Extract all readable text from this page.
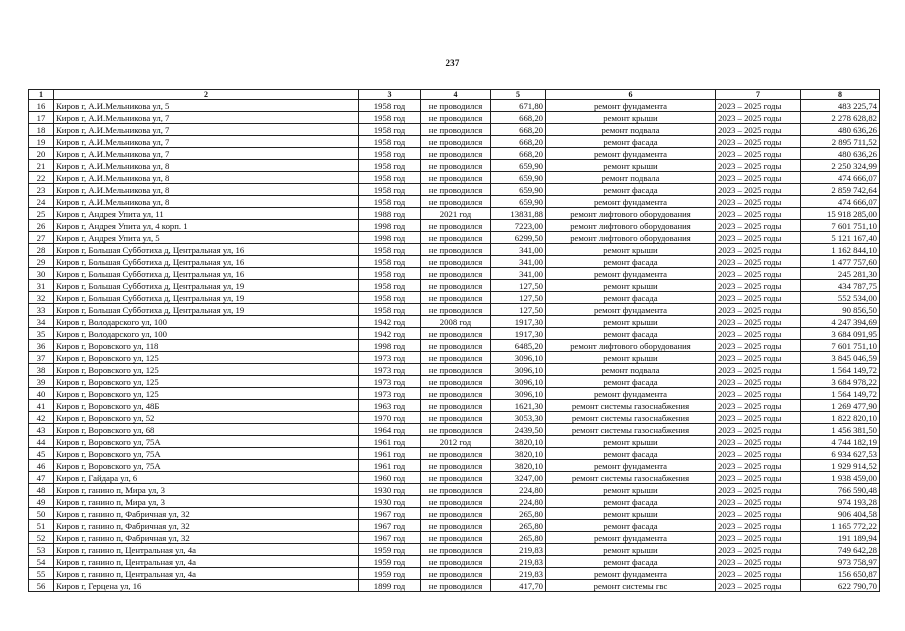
237
1	2	3	4	5	6	7	8
16	Киров г, А.И.Мельникова ул, 5	1958 год	не проводился	671,80	ремонт фундамента	2023 – 2025 годы	483 225,74
17	Киров г, А.И.Мельникова ул, 7	1958 год	не проводился	668,20	ремонт крыши	2023 – 2025 годы	2 278 628,82
18	Киров г, А.И.Мельникова ул, 7	1958 год	не проводился	668,20	ремонт подвала	2023 – 2025 годы	480 636,26
19	Киров г, А.И.Мельникова ул, 7	1958 год	не проводился	668,20	ремонт фасада	2023 – 2025 годы	2 895 711,52
20	Киров г, А.И.Мельникова ул, 7	1958 год	не проводился	668,20	ремонт фундамента	2023 – 2025 годы	480 636,26
21	Киров г, А.И.Мельникова ул, 8	1958 год	не проводился	659,90	ремонт крыши	2023 – 2025 годы	2 250 324,99
22	Киров г, А.И.Мельникова ул, 8	1958 год	не проводился	659,90	ремонт подвала	2023 – 2025 годы	474 666,07
23	Киров г, А.И.Мельникова ул, 8	1958 год	не проводился	659,90	ремонт фасада	2023 – 2025 годы	2 859 742,64
24	Киров г, А.И.Мельникова ул, 8	1958 год	не проводился	659,90	ремонт фундамента	2023 – 2025 годы	474 666,07
25	Киров г, Андрея Упита ул, 11	1988 год	2021 год	13831,88	ремонт лифтового оборудования	2023 – 2025 годы	15 918 285,00
26	Киров г, Андрея Упита ул, 4 корп. 1	1998 год	не проводился	7223,00	ремонт лифтового оборудования	2023 – 2025 годы	7 601 751,10
27	Киров г, Андрея Упита ул, 5	1998 год	не проводился	6299,50	ремонт лифтового оборудования	2023 – 2025 годы	5 121 167,40
28	Киров г, Большая Субботиха д, Центральная ул, 16	1958 год	не проводился	341,00	ремонт крыши	2023 – 2025 годы	1 162 844,10
29	Киров г, Большая Субботиха д, Центральная ул, 16	1958 год	не проводился	341,00	ремонт фасада	2023 – 2025 годы	1 477 757,60
30	Киров г, Большая Субботиха д, Центральная ул, 16	1958 год	не проводился	341,00	ремонт фундамента	2023 – 2025 годы	245 281,30
31	Киров г, Большая Субботиха д, Центральная ул, 19	1958 год	не проводился	127,50	ремонт крыши	2023 – 2025 годы	434 787,75
32	Киров г, Большая Субботиха д, Центральная ул, 19	1958 год	не проводился	127,50	ремонт фасада	2023 – 2025 годы	552 534,00
33	Киров г, Большая Субботиха д, Центральная ул, 19	1958 год	не проводился	127,50	ремонт фундамента	2023 – 2025 годы	90 856,50
34	Киров г, Володарского ул, 100	1942 год	2008 год	1917,30	ремонт крыши	2023 – 2025 годы	4 247 394,69
35	Киров г, Володарского ул, 100	1942 год	не проводился	1917,30	ремонт фасада	2023 – 2025 годы	3 684 091,95
36	Киров г, Воровского ул, 118	1998 год	не проводился	6485,20	ремонт лифтового оборудования	2023 – 2025 годы	7 601 751,10
37	Киров г, Воровского ул, 125	1973 год	не проводился	3096,10	ремонт крыши	2023 – 2025 годы	3 845 046,59
38	Киров г, Воровского ул, 125	1973 год	не проводился	3096,10	ремонт подвала	2023 – 2025 годы	1 564 149,72
39	Киров г, Воровского ул, 125	1973 год	не проводился	3096,10	ремонт фасада	2023 – 2025 годы	3 684 978,22
40	Киров г, Воровского ул, 125	1973 год	не проводился	3096,10	ремонт фундамента	2023 – 2025 годы	1 564 149,72
41	Киров г, Воровского ул, 48Б	1963 год	не проводился	1621,30	ремонт системы газоснабжения	2023 – 2025 годы	1 269 477,90
42	Киров г, Воровского ул, 52	1970 год	не проводился	3053,30	ремонт системы газоснабжения	2023 – 2025 годы	1 822 820,10
43	Киров г, Воровского ул, 68	1964 год	не проводился	2439,50	ремонт системы газоснабжения	2023 – 2025 годы	1 456 381,50
44	Киров г, Воровского ул, 75А	1961 год	2012 год	3820,10	ремонт крыши	2023 – 2025 годы	4 744 182,19
45	Киров г, Воровского ул, 75А	1961 год	не проводился	3820,10	ремонт фасада	2023 – 2025 годы	6 934 627,53
46	Киров г, Воровского ул, 75А	1961 год	не проводился	3820,10	ремонт фундамента	2023 – 2025 годы	1 929 914,52
47	Киров г, Гайдара ул, 6	1960 год	не проводился	3247,00	ремонт системы газоснабжения	2023 – 2025 годы	1 938 459,00
48	Киров г, ганино п, Мира ул, 3	1930 год	не проводился	224,80	ремонт крыши	2023 – 2025 годы	766 590,48
49	Киров г, ганино п, Мира ул, 3	1930 год	не проводился	224,80	ремонт фасада	2023 – 2025 годы	974 193,28
50	Киров г, ганино п, Фабричная ул, 32	1967 год	не проводился	265,80	ремонт крыши	2023 – 2025 годы	906 404,58
51	Киров г, ганино п, Фабричная ул, 32	1967 год	не проводился	265,80	ремонт фасада	2023 – 2025 годы	1 165 772,22
52	Киров г, ганино п, Фабричная ул, 32	1967 год	не проводился	265,80	ремонт фундамента	2023 – 2025 годы	191 189,94
53	Киров г, ганино п, Центральная ул, 4а	1959 год	не проводился	219,83	ремонт крыши	2023 – 2025 годы	749 642,28
54	Киров г, ганино п, Центральная ул, 4а	1959 год	не проводился	219,83	ремонт фасада	2023 – 2025 годы	973 758,97
55	Киров г, ганино п, Центральная ул, 4а	1959 год	не проводился	219,83	ремонт фундамента	2023 – 2025 годы	156 650,87
56	Киров г, Герцена ул, 16	1899 год	не проводился	417,70	ремонт системы гвс	2023 – 2025 годы	622 790,70
